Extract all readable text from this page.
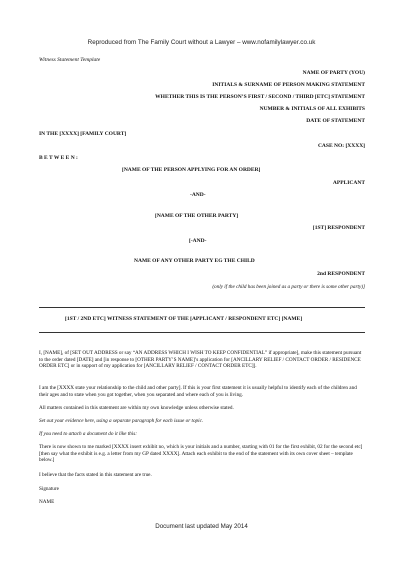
Reproduced from The Family Court without a Lawyer – www.nofamilylawyer.co.uk
Witness Statement Template
NAME OF PARTY (YOU)
INITIALS & SURNAME OF PERSON MAKING STATEMENT
WHETHER THIS IS THE PERSON’S FIRST / SECOND / THIRD [ETC] STATEMENT
NUMBER & INITIALS OF ALL EXHIBITS
DATE OF STATEMENT
IN THE [XXXX] [FAMILY COURT]
CASE NO: [XXXX]
B E T W E E N :
[NAME OF THE PERSON APPLYING FOR AN ORDER]
APPLICANT
-AND-
[NAME OF THE OTHER PARTY]
[1ST] RESPONDENT
[-AND-
NAME OF ANY OTHER PARTY EG THE CHILD
2nd RESPONDENT
(only if the child has been joined as a party or there is some other party)]
[1ST / 2ND ETC] WITNESS STATEMENT OF THE [APPLICANT / RESPONDENT ETC] [NAME]
I, [NAME], of [SET OUT ADDRESS or say “AN ADDRESS WHICH I WISH TO KEEP CONFIDENTIAL” if appropriate], make this statement pursuant to the order dated [DATE] and [in response to [OTHER PARTY’S NAME]’s application for [ANCILLARY RELIEF / CONTACT ORDER / RESIDENCE ORDER ETC] or in support of my application for [ANCILLARY RELIEF / CONTACT ORDER ETC]].
I am the [XXXX state your relationship to the child and other party]. If this is your first statement it is usually helpful to identify each of the children and their ages and to state when you got together, when you separated and where each of you is living.
All matters contained in this statement are within my own knowledge unless otherwise stated.
Set out your evidence here, using a separate paragraph for each issue or topic.
If you need to attach a document do it like this:
There is now shown to me marked [XXXX insert exhibit no, which is your initials and a number, starting with 01 for the first exhibit, 02 for the second etc] [then say what the exhibit is e.g. a letter from my GP dated XXXX]. Attach each exhibit to the end of the statement with its own cover sheet – template below.]
I believe that the facts stated in this statement are true.
Signature
NAME
Document last updated May 2014
